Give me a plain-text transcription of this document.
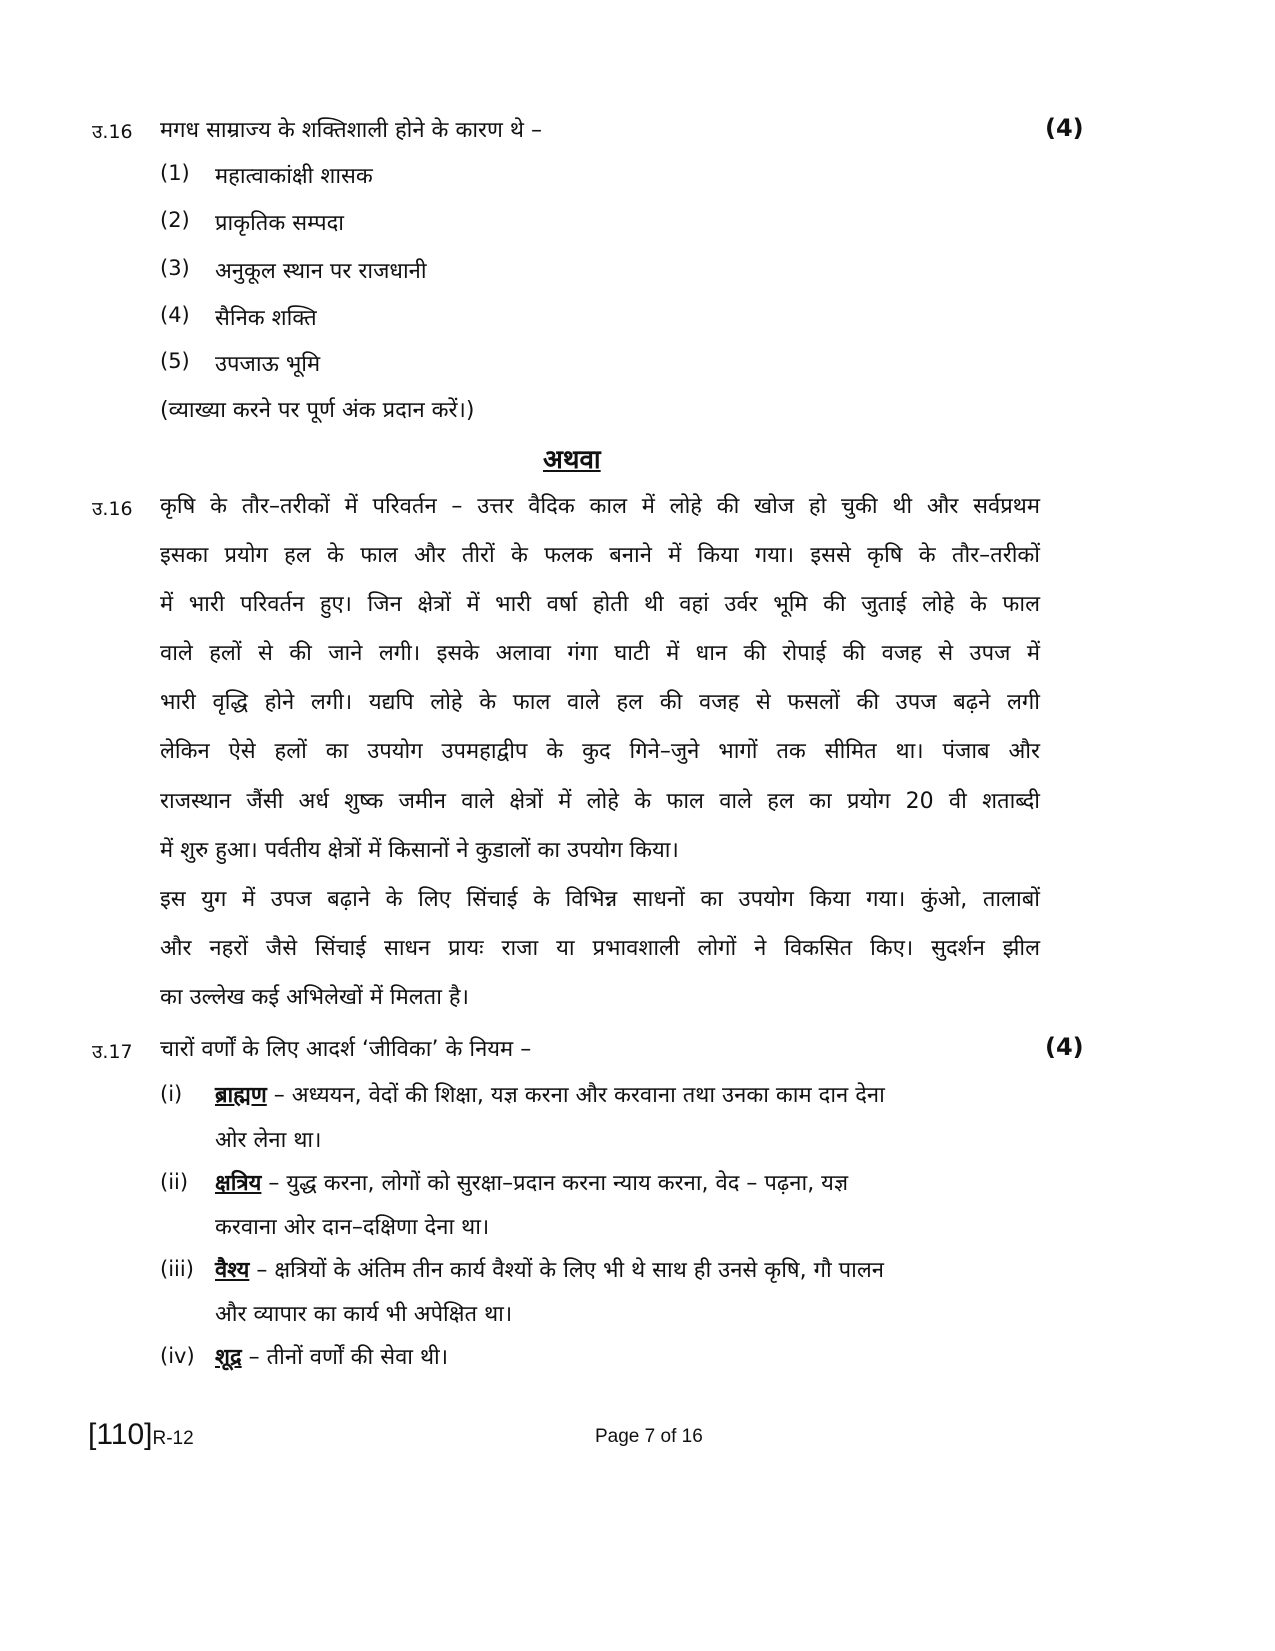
उ.16 मगध साम्राज्य के शक्तिशाली होने के कारण थे –	(4)
(1) महात्वाकांक्षी शासक
(2) प्राकृतिक सम्पदा
(3) अनुकूल स्थान पर राजधानी
(4) सैनिक शक्ति
(5) उपजाऊ भूमि
(व्याख्या करने पर पूर्ण अंक प्रदान करें।)
अथवा
उ.16 कृषि के तौर–तरीकों में परिवर्तन – उत्तर वैदिक काल में लोहे की खोज हो चुकी थी और सर्वप्रथम
इसका प्रयोग हल के फाल और तीरों के फलक बनाने में किया गया। इससे कृषि के तौर–तरीकों
में भारी परिवर्तन हुए। जिन क्षेत्रों में भारी वर्षा होती थी वहां उर्वर भूमि की जुताई लोहे के फाल
वाले हलों से की जाने लगी। इसके अलावा गंगा घाटी में धान की रोपाई की वजह से उपज में
भारी वृद्धि होने लगी। यद्यपि लोहे के फाल वाले हल की वजह से फसलों की उपज बढ़ने लगी
लेकिन ऐसे हलों का उपयोग उपमहाद्वीप के कुद गिने–जुने भागों तक सीमित था। पंजाब और
राजस्थान जैंसी अर्ध शुष्क जमीन वाले क्षेत्रों में लोहे के फाल वाले हल का प्रयोग 20 वी शताब्दी
में शुरु हुआ। पर्वतीय क्षेत्रों में किसानों ने कुडालों का उपयोग किया।
इस युग में उपज बढ़ाने के लिए सिंचाई के विभिन्न साधनों का उपयोग किया गया। कुंओ, तालाबों
और नहरों जैसे सिंचाई साधन प्रायः राजा या प्रभावशाली लोगों ने विकसित किए। सुदर्शन झील
का उल्लेख कई अभिलेखों में मिलता है।
उ.17 चारों वर्णों के लिए आदर्श ‘जीविका’ के नियम –	(4)
(i) ब्राह्मण – अध्ययन, वेदों की शिक्षा, यज्ञ करना और करवाना तथा उनका काम दान देना
ओर लेना था।
(ii) क्षत्रिय – युद्ध करना, लोगों को सुरक्षा–प्रदान करना न्याय करना, वेद – पढ़ना, यज्ञ
करवाना ओर दान–दक्षिणा देना था।
(iii) वैश्य – क्षत्रियों के अंतिम तीन कार्य वैश्यों के लिए भी थे साथ ही उनसे कृषि, गौ पालन
और व्यापार का कार्य भी अपेक्षित था।
(iv) शूद्र – तीनों वर्णों की सेवा थी।
[110]R-12	Page 7 of 16
